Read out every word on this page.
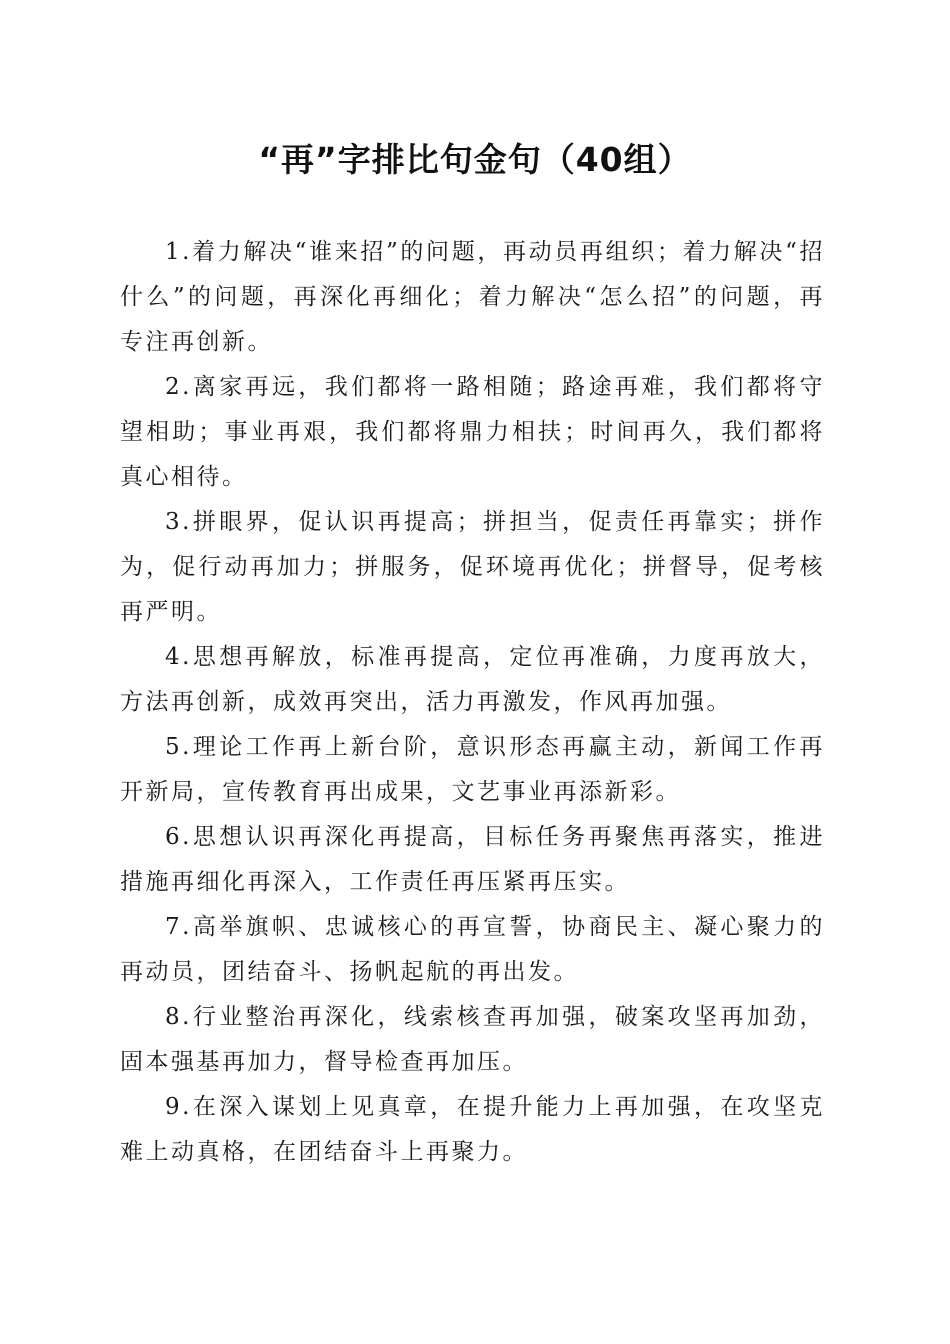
“再”字排比句金句（40组）

1.着力解决“谁来招”的问题，再动员再组织；着力解决“招什么”的问题，再深化再细化；着力解决“怎么招”的问题，再专注再创新。

2.离家再远，我们都将一路相随；路途再难，我们都将守望相助；事业再艰，我们都将鼎力相扶；时间再久，我们都将真心相待。

3.拼眼界，促认识再提高；拼担当，促责任再靠实；拼作为，促行动再加力；拼服务，促环境再优化；拼督导，促考核再严明。

4.思想再解放，标准再提高，定位再准确，力度再放大，方法再创新，成效再突出，活力再激发，作风再加强。

5.理论工作再上新台阶，意识形态再赢主动，新闻工作再开新局，宣传教育再出成果，文艺事业再添新彩。

6.思想认识再深化再提高，目标任务再聚焦再落实，推进措施再细化再深入，工作责任再压紧再压实。

7.高举旗帜、忠诚核心的再宣誓，协商民主、凝心聚力的再动员，团结奋斗、扬帆起航的再出发。

8.行业整治再深化，线索核查再加强，破案攻坚再加劲，固本强基再加力，督导检查再加压。

9.在深入谋划上见真章，在提升能力上再加强，在攻坚克难上动真格，在团结奋斗上再聚力。
